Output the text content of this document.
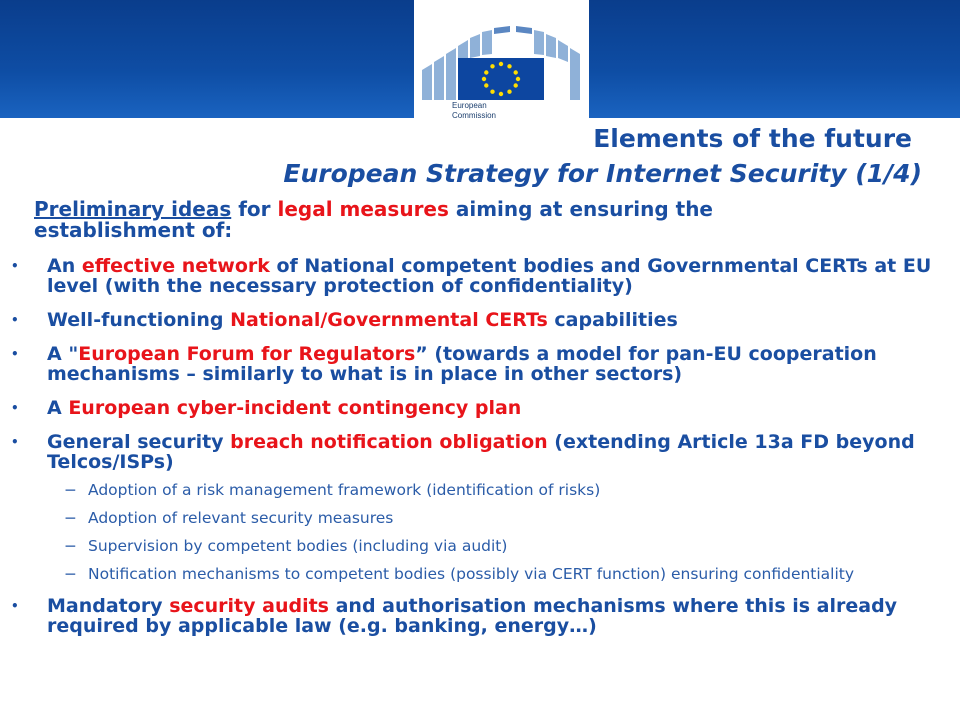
European
Commission
Elements of the future
European Strategy for Internet Security (1/4)

Preliminary ideas for legal measures aiming at ensuring the establishment of:

• An effective network of National competent bodies and Governmental CERTs at EU level (with the necessary protection of confidentiality)
• Well-functioning National/Governmental CERTs capabilities
• A "European Forum for Regulators” (towards a model for pan-EU cooperation mechanisms – similarly to what is in place in other sectors)
• A European cyber-incident contingency plan
• General security breach notification obligation (extending Article 13a FD beyond Telcos/ISPs)
− Adoption of a risk management framework (identification of risks)
− Adoption of relevant security measures
− Supervision by competent bodies (including via audit)
− Notification mechanisms to competent bodies (possibly via CERT function) ensuring confidentiality
• Mandatory security audits and authorisation mechanisms where this is already required by applicable law (e.g. banking, energy…)
